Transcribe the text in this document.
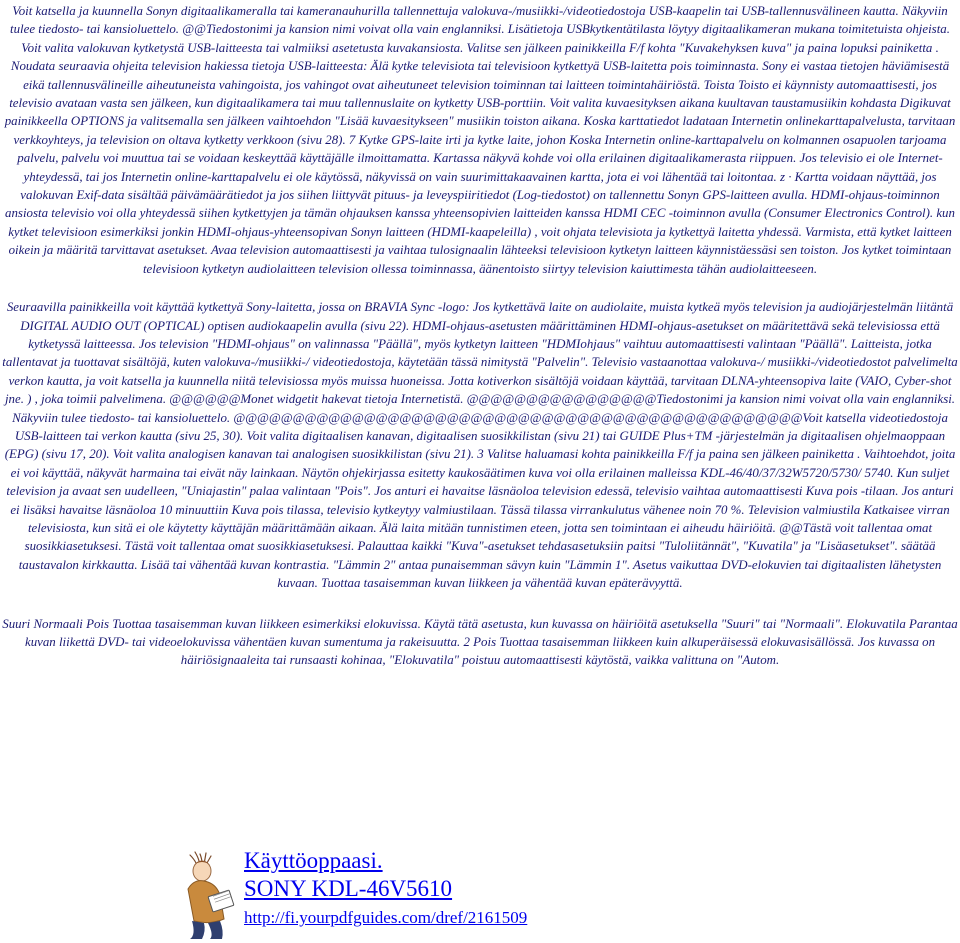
Voit katsella ja kuunnella Sonyn digitaalikameralla tai kameranauhurilla tallennettuja valokuva-/musiikki-/videotiedostoja USB-kaapelin tai USB-tallennusvälineen kautta. Näkyviin tulee tiedosto- tai kansioluettelo. @@Tiedostonimi ja kansion nimi voivat olla vain englanniksi. Lisätietoja USBkytkentätilasta löytyy digitaalikameran mukana toimitetuista ohjeista. Voit valita valokuvan kytketystä USB-laitteesta tai valmiiksi asetetusta kuvakansiosta. Valitse sen jälkeen painikkeilla F/f kohta "Kuvakehyksen kuva" ja paina lopuksi painiketta . Noudata seuraavia ohjeita television hakiessa tietoja USB-laitteesta: Älä kytke televisiota tai televisioon kytkettyä USB-laitetta pois toiminnasta. Sony ei vastaa tietojen häviämisestä eikä tallennusvälineille aiheutuneista vahingoista, jos vahingot ovat aiheutuneet television toiminnan tai laitteen toimintahäiriöstä. Toista Toisto ei käynnisty automaattisesti, jos televisio avataan vasta sen jälkeen, kun digitaalikamera tai muu tallennuslaite on kytketty USB-porttiin. Voit valita kuvaesityksen aikana kuultavan taustamusiikin kohdasta Digikuvat painikkeella OPTIONS ja valitsemalla sen jälkeen vaihtoehdon "Lisää kuvaesitykseen" musiikin toiston aikana. Koska karttatiedot ladataan Internetin onlinekarttapalvelusta, tarvitaan verkkoyhteys, ja television on oltava kytketty verkkoon (sivu 28). 7 Kytke GPS-laite irti ja kytke laite, johon Koska Internetin online-karttapalvelu on kolmannen osapuolen tarjoama palvelu, palvelu voi muuttua tai se voidaan keskeyttää käyttäjälle ilmoittamatta. Kartassa näkyvä kohde voi olla erilainen digitaalikamerasta riippuen. Jos televisio ei ole Internet-yhteydessä, tai jos Internetin online-karttapalvelu ei ole käytössä, näkyvissä on vain suurimittakaavainen kartta, jota ei voi lähentää tai loitontaa. z · Kartta voidaan näyttää, jos valokuvan Exif-data sisältää päivämäärätiedot ja jos siihen liittyvät pituus- ja leveyspiiritiedot (Log-tiedostot) on tallennettu Sonyn GPS-laitteen avulla. HDMI-ohjaus-toiminnon ansiosta televisio voi olla yhteydessä siihen kytkettyjen ja tämän ohjauksen kanssa yhteensopivien laitteiden kanssa HDMI CEC -toiminnon avulla (Consumer Electronics Control). kun kytket televisioon esimerkiksi jonkin HDMI-ohjaus-yhteensopivan Sonyn laitteen (HDMI-kaapeleilla) , voit ohjata televisiota ja kytkettyä laitetta yhdessä. Varmista, että kytket laitteen oikein ja määritä tarvittavat asetukset. Avaa television automaattisesti ja vaihtaa tulosignaalin lähteeksi televisioon kytketyn laitteen käynnistäessäsi sen toiston. Jos kytket toimintaan televisioon kytketyn audiolaitteen television ollessa toiminnassa, äänentoisto siirtyy television kaiuttimesta tähän audiolaitteeseen.

Seuraavilla painikkeilla voit käyttää kytkettyä Sony-laitetta, jossa on BRAVIA Sync -logo: Jos kytkettävä laite on audiolaite, muista kytkeä myös television ja audiojärjestelmän liitäntä DIGITAL AUDIO OUT (OPTICAL) optisen audiokaapelin avulla (sivu 22). HDMI-ohjaus-asetusten määrittäminen HDMI-ohjaus-asetukset on määritettävä sekä televisiossa että kytketyssä laitteessa. Jos television "HDMI-ohjaus" on valinnassa "Päällä", myös kytketyn laitteen "HDMIohjaus" vaihtuu automaattisesti valintaan "Päällä". Laitteista, jotka tallentavat ja tuottavat sisältöjä, kuten valokuva-/musiikki-/ videotiedostoja, käytetään tässä nimitystä "Palvelin". Televisio vastaanottaa valokuva-/ musiikki-/videotiedostot palvelimelta verkon kautta, ja voit katsella ja kuunnella niitä televisiossa myös muissa huoneissa. Jotta kotiverkon sisältöjä voidaan käyttää, tarvitaan DLNA-yhteensopiva laite (VAIO, Cyber-shot jne. ) , joka toimii palvelimena. @@@@@@Monet widgetit hakevat tietoja Internetistä. @@@@@@@@@@@@@@@@Tiedostonimi ja kansion nimi voivat olla vain englanniksi. Näkyviin tulee tiedosto- tai kansioluettelo. @@@@@@@@@@@@@@@@@@@@@@@@@@@@@@@@@@@@@@@@@@@@@@@@Voit katsella videotiedostoja USB-laitteen tai verkon kautta (sivu 25, 30). Voit valita digitaalisen kanavan, digitaalisen suosikkilistan (sivu 21) tai GUIDE Plus+TM -järjestelmän ja digitaalisen ohjelmaoppaan (EPG) (sivu 17, 20). Voit valita analogisen kanavan tai analogisen suosikkilistan (sivu 21). 3 Valitse haluamasi kohta painikkeilla F/f ja paina sen jälkeen painiketta . Vaihtoehdot, joita ei voi käyttää, näkyvät harmaina tai eivät näy lainkaan. Näytön ohjekirjassa esitetty kaukosäätimen kuva voi olla erilainen malleissa KDL-46/40/37/32W5720/5730/ 5740. Kun suljet television ja avaat sen uudelleen, "Uniajastin" palaa valintaan "Pois". Jos anturi ei havaitse läsnäoloa television edessä, televisio vaihtaa automaattisesti Kuva pois -tilaan. Jos anturi ei lisäksi havaitse läsnäoloa 10 minuuttiin Kuva pois tilassa, televisio kytkeytyy valmiustilaan. Tässä tilassa virrankulutus vähenee noin 70 %. Television valmiustila Katkaisee virran televisiosta, kun sitä ei ole käytetty käyttäjän määrittämään aikaan. Älä laita mitään tunnistimen eteen, jotta sen toimintaan ei aiheudu häiriöitä. @@Tästä voit tallentaa omat suosikkiasetuksesi. Tästä voit tallentaa omat suosikkiasetuksesi. Palauttaa kaikki "Kuva"-asetukset tehdasasetuksiin paitsi "Tuloliitännät", "Kuvatila" ja "Lisäasetukset". säätää taustavalon kirkkautta. Lisää tai vähentää kuvan kontrastia. "Lämmin 2" antaa punaisemman sävyn kuin "Lämmin 1". Asetus vaikuttaa DVD-elokuvien tai digitaalisten lähetysten kuvaan. Tuottaa tasaisemman kuvan liikkeen ja vähentää kuvan epäterävyyttä.

Suuri Normaali Pois Tuottaa tasaisemman kuvan liikkeen esimerkiksi elokuvissa. Käytä tätä asetusta, kun kuvassa on häiriöitä asetuksella "Suuri" tai "Normaali". Elokuvatila Parantaa kuvan liikettä DVD- tai videoelokuvissa vähentäen kuvan sumentuma ja rakeisuutta. 2 Pois Tuottaa tasaisemman liikkeen kuin alkuperäisessä elokuvasisällössä. Jos kuvassa on häiriösignaaleita tai runsaasti kohinaa, "Elokuvatila" poistuu automaattisesti käytöstä, vaikka valittuna on "Autom.

Käyttöoppaasi.
SONY KDL-46V5610
http://fi.yourpdfguides.com/dref/2161509
